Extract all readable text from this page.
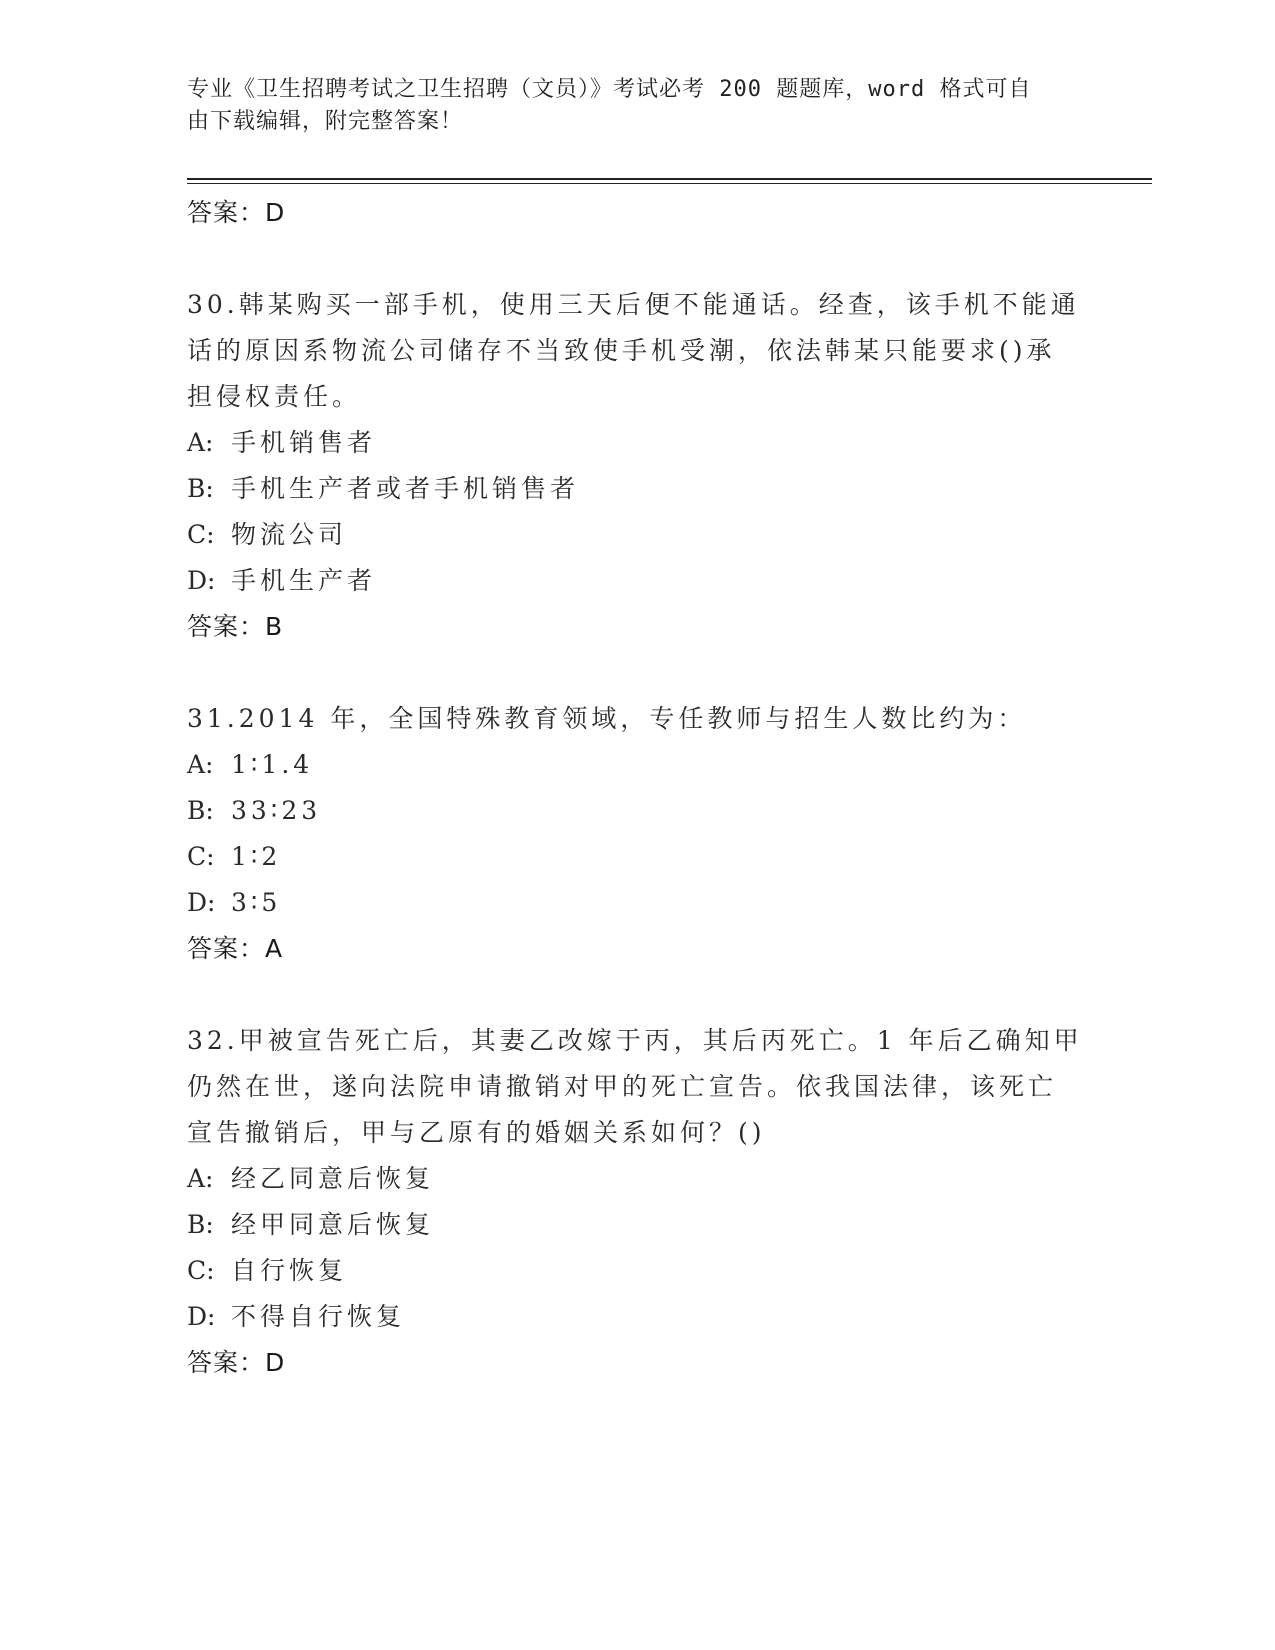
专业《卫生招聘考试之卫生招聘（文员）》考试必考 200 题题库，word 格式可自
由下载编辑，附完整答案！
答案：D
30.韩某购买一部手机，使用三天后便不能通话。经查，该手机不能通
话的原因系物流公司储存不当致使手机受潮，依法韩某只能要求()承
担侵权责任。
A: 手机销售者
B: 手机生产者或者手机销售者
C: 物流公司
D: 手机生产者
答案：B
31.2014 年，全国特殊教育领域，专任教师与招生人数比约为：
A: 1∶1.4
B: 33∶23
C: 1∶2
D: 3∶5
答案：A
32.甲被宣告死亡后，其妻乙改嫁于丙，其后丙死亡。1 年后乙确知甲
仍然在世，遂向法院申请撤销对甲的死亡宣告。依我国法律，该死亡
宣告撤销后，甲与乙原有的婚姻关系如何？()
A: 经乙同意后恢复
B: 经甲同意后恢复
C: 自行恢复
D: 不得自行恢复
答案：D
